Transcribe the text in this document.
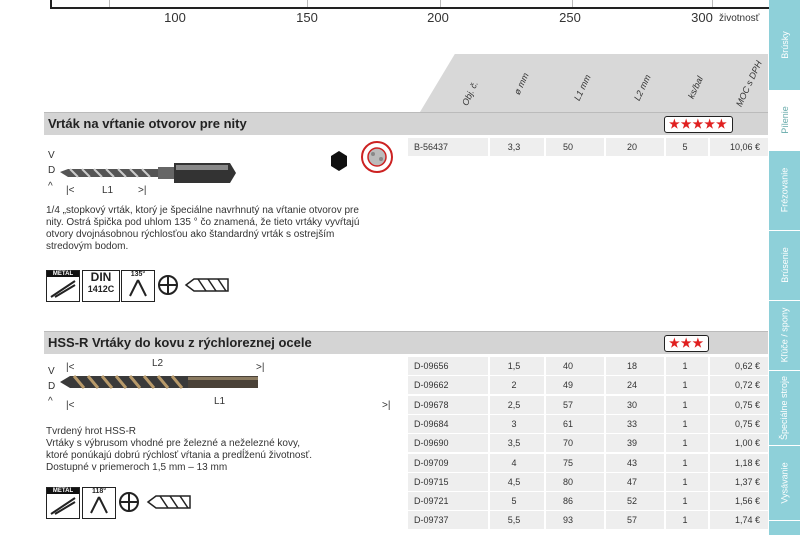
100	150	200	250	300 životnosť
Brúsky
Pílenie
Frézovanie
Brúsenie
Kľúče / spony
Špeciálne stroje
Vysávanie
Obj. č.	ø mm	L1 mm	L2 mm	ks/bal	MOC s DPH
Vrták na vŕtanie otvorov pre nity	★★★★★
V
D
^ |<	L1 >|
1/4 „stopkový vrták, ktorý je špeciálne navrhnutý na vŕtanie otvorov pre
nity. Ostrá špička pod uhlom 135 ° čo znamená, že tieto vrtáky vyvŕtajú
otvory dvojnásobnou rýchlosťou ako štandardný vrták s ostrejším
stredovým bodom.
METAL	DIN
1412C
135°
B-56437	3,3	50	20	5	10,06 €
HSS-R Vrtáky do kovu z rýchloreznej ocele	★★★
V
D
^
|<	L2	>|
|<	L1	>|
Tvrdený hrot HSS-R
Vrtáky s výbrusom vhodné pre železné a neželezné kovy,
ktoré ponúkajú dobrú rýchlosť vŕtania a predĺženú životnosť.
Dostupné v priemeroch 1,5 mm – 13 mm
METAL	118°
D-09656	1,5	40	18	1	0,62 €
D-09662	2	49	24	1	0,72 €
D-09678	2,5	57	30	1	0,75 €
D-09684	3	61	33	1	0,75 €
D-09690	3,5	70	39	1	1,00 €
D-09709	4	75	43	1	1,18 €
D-09715	4,5	80	47	1	1,37 €
D-09721	5	86	52	1	1,56 €
D-09737	5,5	93	57	1	1,74 €
